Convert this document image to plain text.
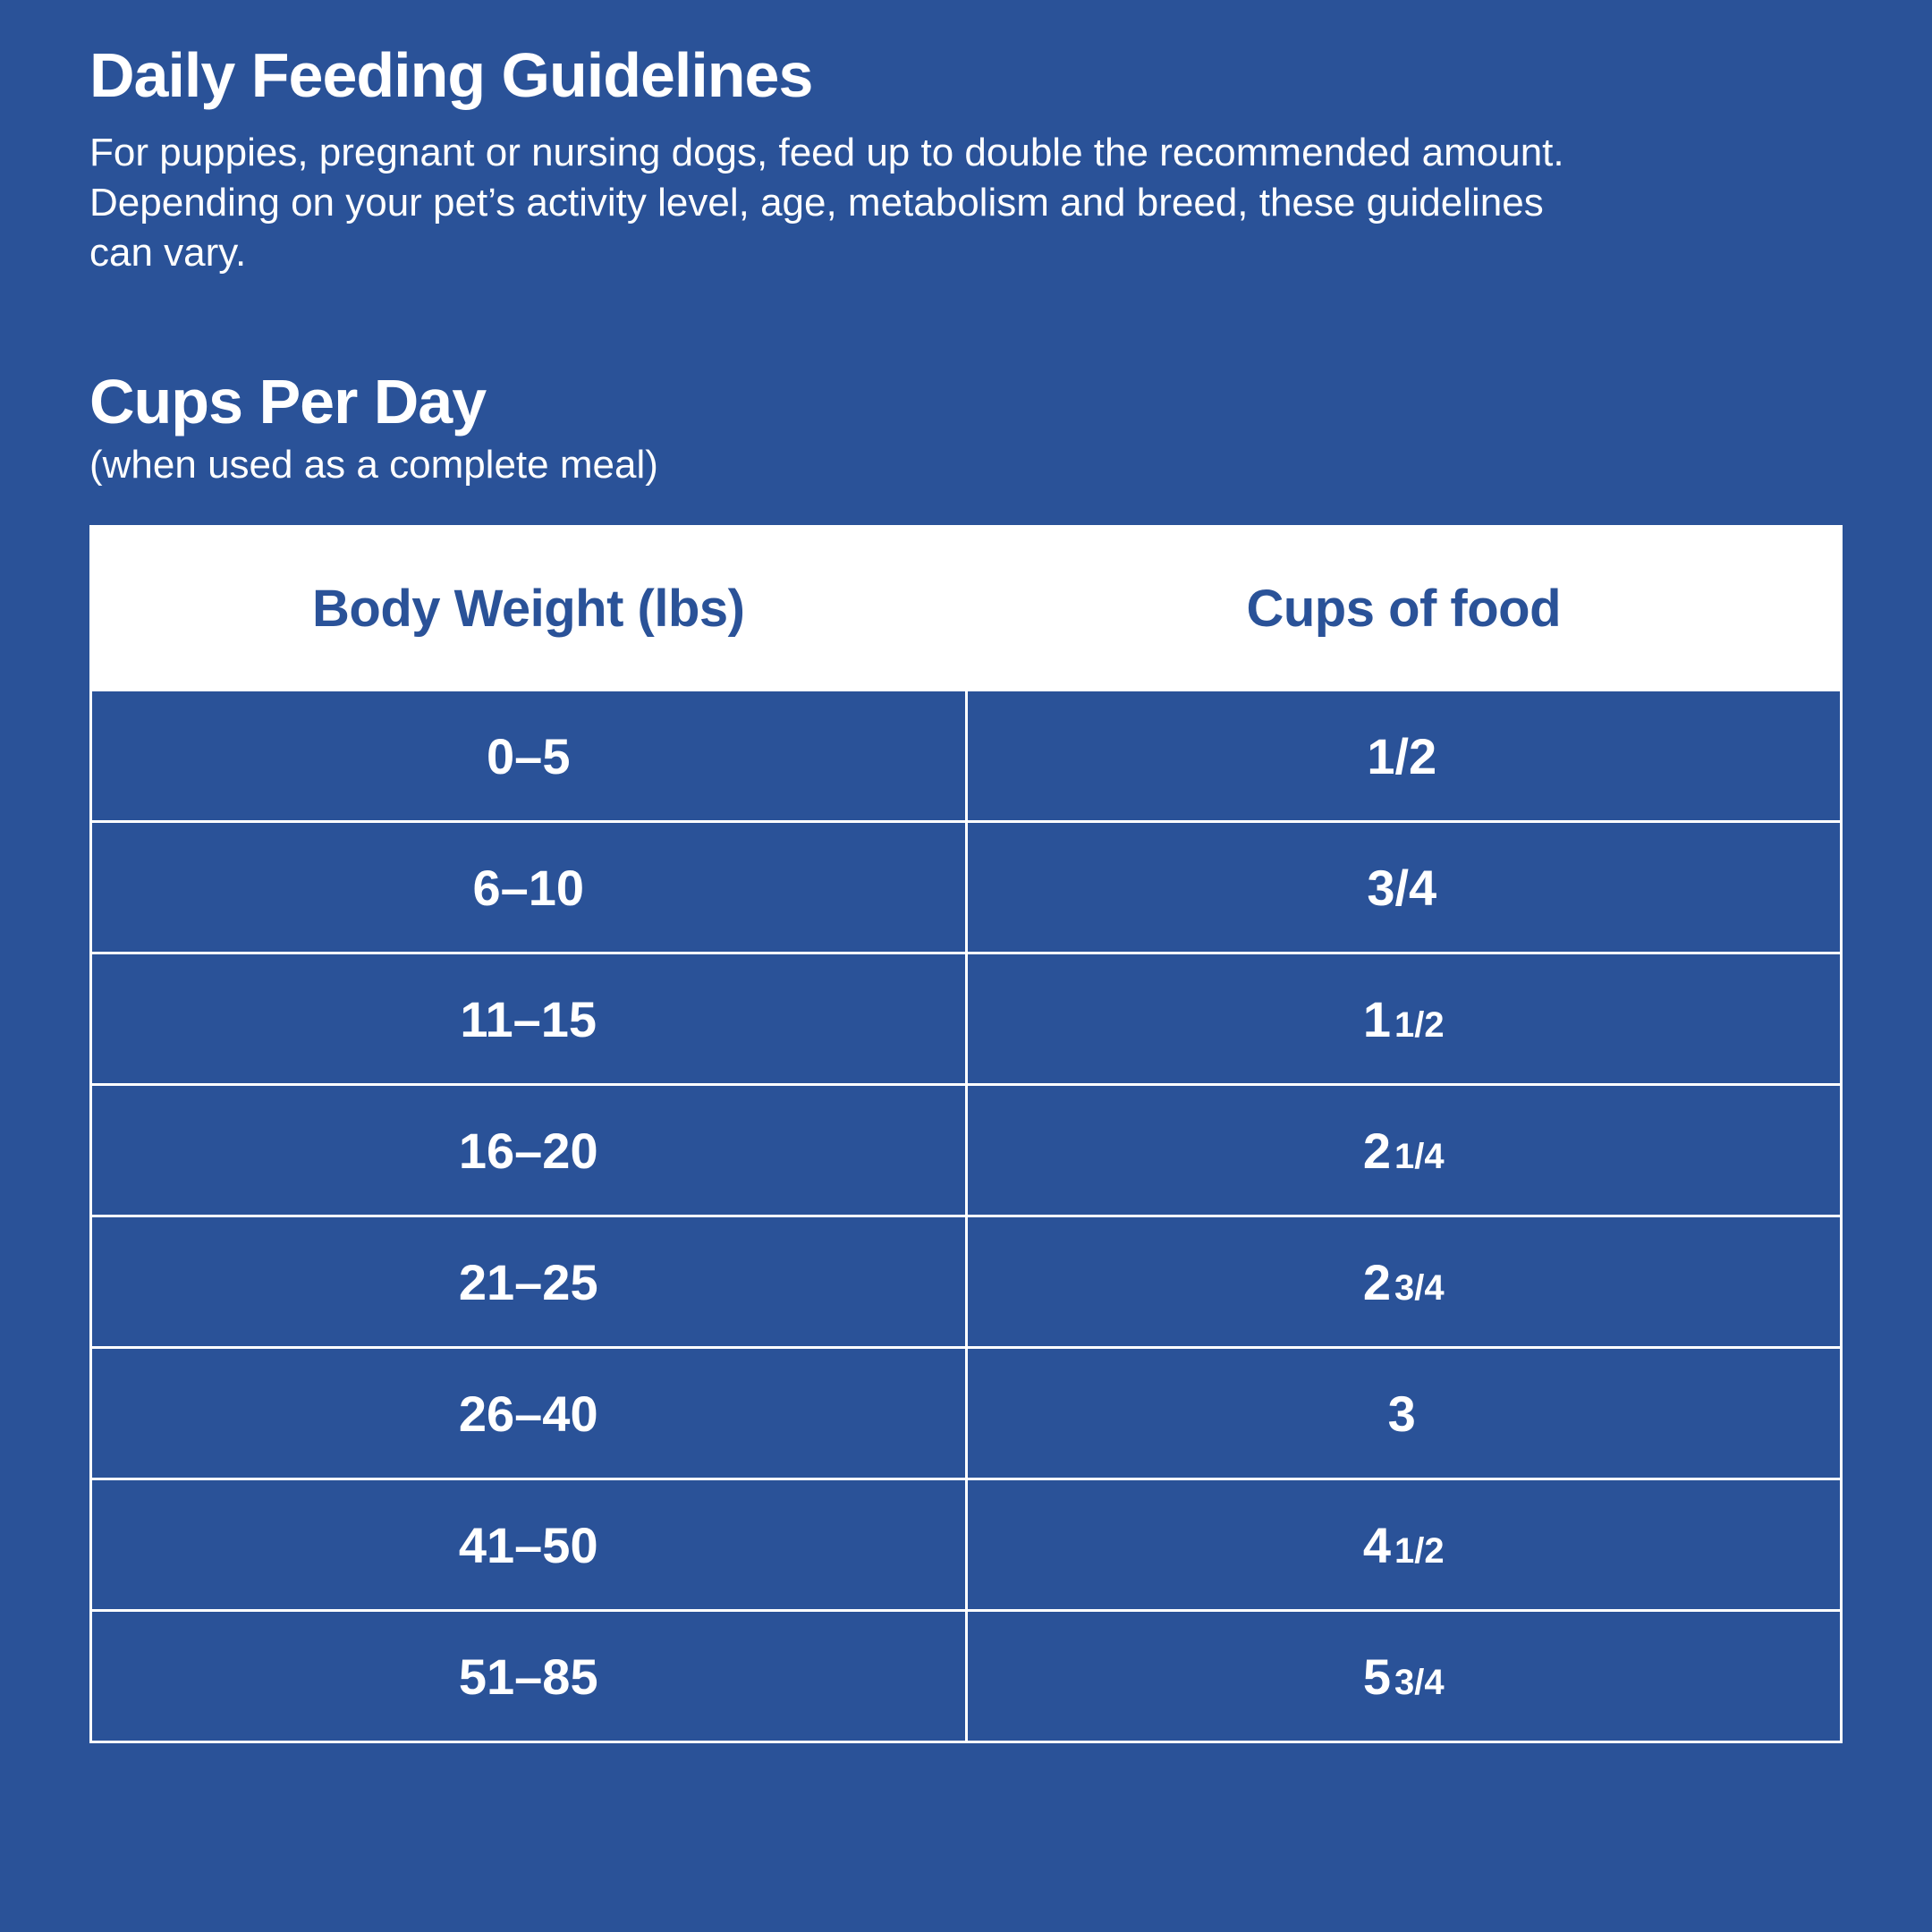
Daily Feeding Guidelines

For puppies, pregnant or nursing dogs, feed up to double the recommended amount. Depending on your pet’s activity level, age, metabolism and breed, these guidelines can vary.

Cups Per Day
(when used as a complete meal)
Body Weight (lbs)	Cups of food
0–5	1/2
6–10	3/4
11–15	1 1/2
16–20	2 1/4
21–25	2 3/4
26–40	3
41–50	4 1/2
51–85	5 3/4
